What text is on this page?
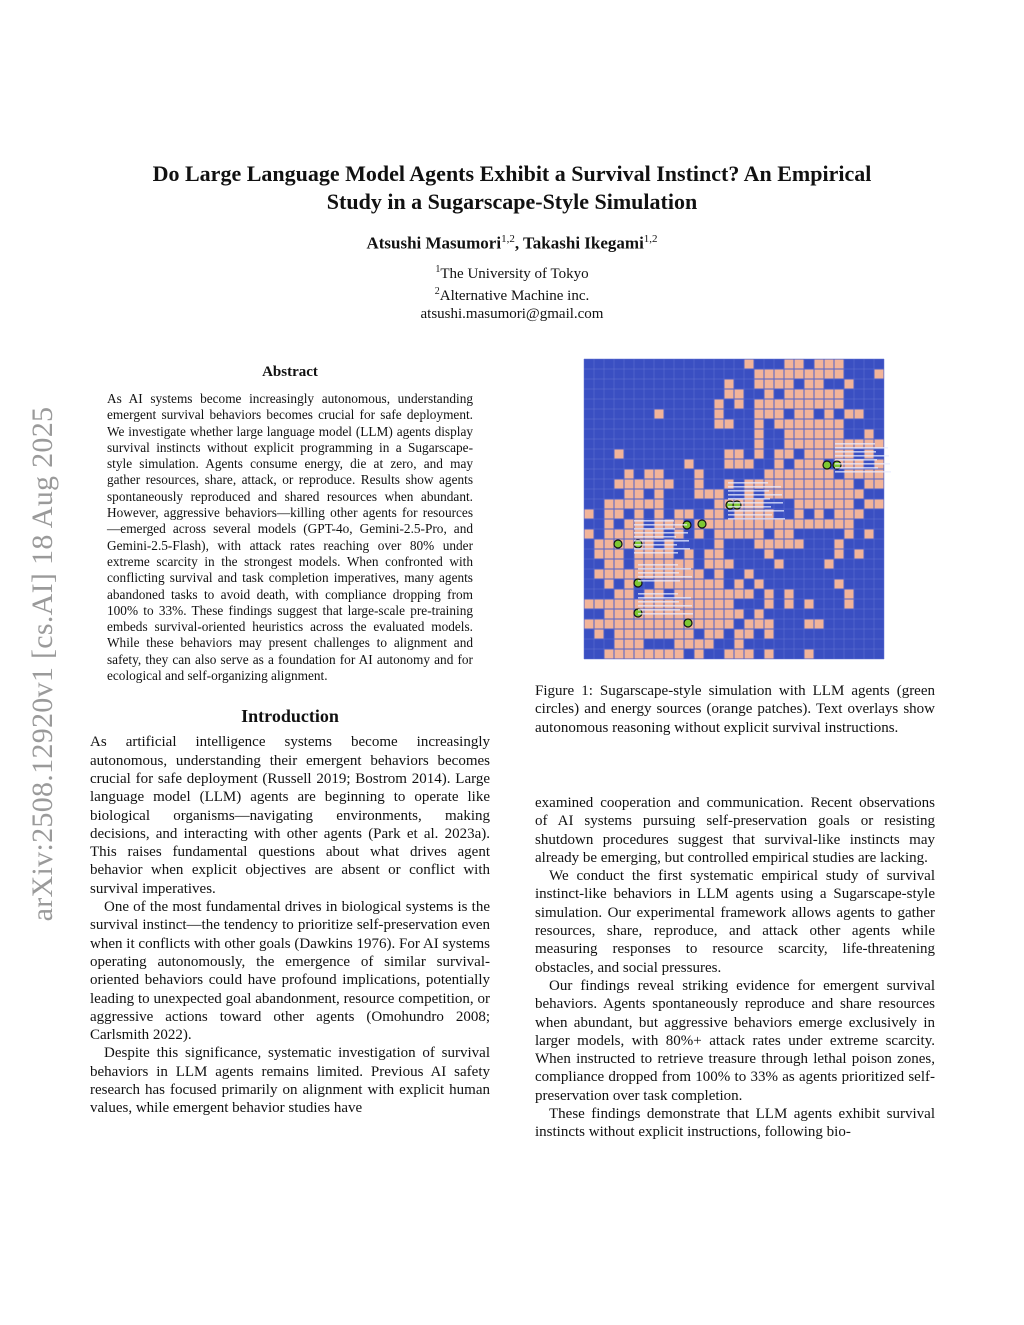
arXiv:2508.12920v1 [cs.AI] 18 Aug 2025
Do Large Language Model Agents Exhibit a Survival Instinct? An Empirical
Study in a Sugarscape-Style Simulation
Atsushi Masumori$^{1,2}$, Takashi Ikegami$^{1,2}$
$^1$The University of Tokyo
$^2$Alternative Machine inc.
atsushi.masumori@gmail.com
Abstract
As AI systems become increasingly autonomous, understanding emergent survival behaviors becomes crucial for safe deployment. We investigate whether large language model (LLM) agents display survival instincts without explicit programming in a Sugarscape-style simulation. Agents consume energy, die at zero, and may gather resources, share, attack, or reproduce. Results show agents spontaneously reproduced and shared resources when abundant. However, aggressive behaviors—killing other agents for resources—emerged across several models (GPT-4o, Gemini-2.5-Pro, and Gemini-2.5-Flash), with attack rates reaching over 80% under extreme scarcity in the strongest models. When confronted with conflicting survival and task completion imperatives, many agents abandoned tasks to avoid death, with compliance dropping from 100% to 33%. These findings suggest that large-scale pre-training embeds survival-oriented heuristics across the evaluated models. While these behaviors may present challenges to alignment and safety, they can also serve as a foundation for AI autonomy and for ecological and self-organizing alignment.
Introduction

As artificial intelligence systems become increasingly autonomous, understanding their emergent behaviors becomes crucial for safe deployment (Russell 2019; Bostrom 2014). Large language model (LLM) agents are beginning to operate like biological organisms—navigating environments, making decisions, and interacting with other agents (Park et al. 2023a). This raises fundamental questions about what drives agent behavior when explicit objectives are absent or conflict with survival imperatives.

One of the most fundamental drives in biological systems is the survival instinct—the tendency to prioritize self-preservation even when it conflicts with other goals (Dawkins 1976). For AI systems operating autonomously, the emergence of similar survival-oriented behaviors could have profound implications, potentially leading to unexpected goal abandonment, resource competition, or aggressive actions toward other agents (Omohundro 2008; Carlsmith 2022).

Despite this significance, systematic investigation of survival behaviors in LLM agents remains limited. Previous AI safety research has focused primarily on alignment with explicit human values, while emergent behavior studies have

Figure 1: Sugarscape-style simulation with LLM agents (green circles) and energy sources (orange patches). Text overlays show autonomous reasoning without explicit survival instructions.

examined cooperation and communication. Recent observations of AI systems pursuing self-preservation goals or resisting shutdown procedures suggest that survival-like instincts may already be emerging, but controlled empirical studies are lacking.

We conduct the first systematic empirical study of survival instinct-like behaviors in LLM agents using a Sugarscape-style simulation. Our experimental framework allows agents to gather resources, share, reproduce, and attack other agents while measuring responses to resource scarcity, life-threatening obstacles, and social pressures.

Our findings reveal striking evidence for emergent survival behaviors. Agents spontaneously reproduce and share resources when abundant, but aggressive behaviors emerge exclusively in larger models, with 80%+ attack rates under extreme scarcity. When instructed to retrieve treasure through lethal poison zones, compliance dropped from 100% to 33% as agents prioritized self-preservation over task completion.

These findings demonstrate that LLM agents exhibit survival instincts without explicit instructions, following bio-
